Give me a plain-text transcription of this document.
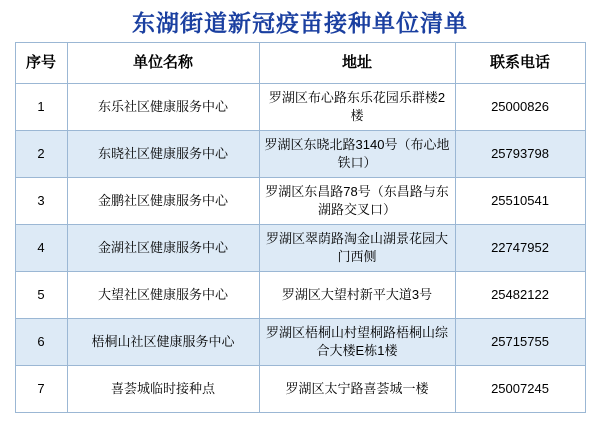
东湖街道新冠疫苗接种单位清单
序号	单位名称	地址	联系电话
1	东乐社区健康服务中心	罗湖区布心路东乐花园乐群楼2楼	25000826
2	东晓社区健康服务中心	罗湖区东晓北路3140号（布心地铁口）	25793798
3	金鹏社区健康服务中心	罗湖区东昌路78号（东昌路与东湖路交叉口）	25510541
4	金湖社区健康服务中心	罗湖区翠荫路淘金山湖景花园大门西侧	22747952
5	大望社区健康服务中心	罗湖区大望村新平大道3号	25482122
6	梧桐山社区健康服务中心	罗湖区梧桐山村望桐路梧桐山综合大楼E栋1楼	25715755
7	喜荟城临时接种点	罗湖区太宁路喜荟城一楼	25007245
